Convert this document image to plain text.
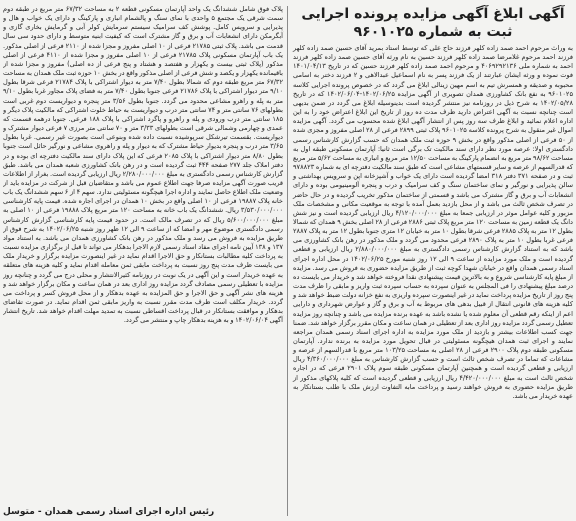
آگهی ابلاغ آگهی مزایده پرونده اجرایی
ثبت به شماره ۹۶۰۱۰۲۵

به وراث مرحوم احمد صمد زاده کلهر فرزند حاج علی که توسط استاد بمرید آقای حسین صمد زاده کلهر فرزند احمد مرحوم غلامرضا صمد زاده کلهر فرزند حسین به نام ورثه آقای حسین صمد زاده کلهر فرزند احمد به شماره ملی ۴۰۶۹۲۹۲۱۳۶ و مرحوم احمد صمد زاده کلهر فرزند حسین که در تاریخ ۱۴۰۱/۰۴/۱۳ فوت نموده و ورثه ایشان عبارتند از یک فرزند پسر به نام اسماعیل عبدالاهی و ۲ فرزند دختر به اسامی محبوبه و صدیقه و همسرش تیم به اسم مهین زینالی ابلاغ می گردد که در خصوص پرونده اجرایی کلاسه ۹۶۰۱۰۲۵ به نفع بانک کشاورزی همدان تصویری از آگهی مزایده ۱۴۰۲/۰۶/۲۵-۱۴۰۲/۰۶/۰۴ که در تاریخ ۱۴۰۲/۰۵/۲۸ به شرح ذیل در روزنامه نیز منتشر گردیده است بدینوسیله ابلاغ می گردد در ضمن بدیهی است چنانچه نسبت به آگهی اعتراض دارید ظرف مدت ده روز از تاریخ این ابلاغ اعتراض خود را به این اداره اعلام نمائید و ابلاغ ظرف سه روز پس از انتشار آگهی ابلاغ شده محسوب می گردد. آگهی مزایده اموال غیر منقول به شرح پرونده کلاسه ۹۶۰۱۰۲۵ پلاک ثبتی ۲۸۹۹ فرعی از ۲۸ اصلی مفروز و مجزی شده از ۵۰ فرعی از اصلی مذکور واقع در بخش ۹ حوزه ثبت ملک همدان که حسب گزارش کارشناس رسمی دادگستری اولا: عرصه مورد نظر دارای سند مالکیت تک برگی است ثانیا: آپارتمان مسکونی طبقه اول به مساحت ۹۸/۶۲ متر مربع به انضمام پارکینگ به مساحت ۱۲/۵۰ متر مربع و انباری به مساحت ۵/۶۲ متر مربع که قدرالسهم از عرصه و سایر قسمتهای مشاعی است که طبق سند مالکیت دفترچه ای به شماره ۹۷۸۸۲۳ ثبت و در صفحه ۳۷۱ دفتر ۳۱۸ امضا گردیده است دارای یک خواب و آشپزخانه اپن و سرویس بهداشتی و سالن پذیرایی و نورگیر و نمای ساختمان سنگ و کف سرامیک و درب و پنجره آلومینیومی بوده و دارای انشعابات آب و برق و گاز مشترک می باشد و قسمتی از ساختمان مذکور تخریب گردیده و در حال حاضر در تصرف شخص ثالث می باشد و از محل بازدید بعمل آمده با توجه به موقعیت مکانی و مشخصات ملک مزبور و کلیه عوامل موثر در ارزیابی جمعا به مبلغ ۴/۱۲۰/۰۰۰/۰۰۰ ریال ارزیابی گردیده است و نیز شش دانگ یک قطعه زمین به مساحت ۱۲۰ متر مربع پلاک ثبتی ۲۸۸۶ فرعی از ۲۸ اصلی بخش ۹ همدان که شمالا بطول ۱۲ متر به پلاک ۲۸۸۵ فرعی شرقا بطول ۱۰ متر به خیابان ۱۲ متری جنوبا بطول ۱۲ متر به پلاک ۲۸۸۷ فرعی غربا بطول ۱۰ متر به پلاک ۲۸۹۰ فرعی محدود می گردد و ملک مذکور در رهن بانک کشاورزی می باشد که به استناد گزارش کارشناس رسمی دادگستری به مبلغ ۲/۸۸۰/۰۰۰/۰۰۰ ریال ارزیابی و قطعی گردیده است و ملک مورد مزایده از ساعت ۹ الی ۱۲ روز شنبه مورخ ۱۴۰۲/۰۶/۲۵ در محل اداره اجرای اسناد رسمی همدان واقع در خیابان شهدا کوچه ثبت از طریق مزایده حضوری به فروش می رسد. مزایده از مبلغ پایه کارشناسی شروع و به بالاترین قیمت پیشنهادی نقدا فروخته خواهد شد و خریدار می بایست ده درصد مبلغ پیشنهادی را فی المجلس به عنوان سپرده به حساب سپرده ثبت واریز و مابقی را ظرف مدت پنج روز از تاریخ مزایده پرداخت نماید در غیر اینصورت سپرده واریزی به نفع خزانه دولت ضبط خواهد شد و کلیه هزینه های قانونی انتقال از قبیل بدهی های مربوط به آب و برق و گاز و عوارض شهرداری و دارایی اعم از اینکه رقم قطعی آن معلوم شده یا نشده باشد به عهده برنده مزایده می باشد و چنانچه روز مزایده تعطیل رسمی گردد مزایده روز اداری بعد از تعطیلی در همان ساعت و مکان مقرر برگزار خواهد شد. ضمنا جهت کسب اطلاعات بیشتر و بازدید از ملک مورد مزایده به اداره اجرای اسناد رسمی همدان مراجعه نمایند و اجرای ثبت همدان هیچگونه مسئولیتی در قبال تحویل مورد مزایده به برنده ندارد. آپارتمان مسکونی طبقه دوم پلاک ۲۹۰۰ فرعی از ۲۸ اصلی به مساحت ۱۰۳/۲۵ متر مربع با قدرالسهم از عرصه و مشاعات که تماما در تصرف شخص ثالث است و حسب گزارش کارشناس به مبلغ ۴/۳۶۰/۰۰۰/۰۰۰ ریال ارزیابی و قطعی گردیده است و همچنین آپارتمان مسکونی طبقه سوم پلاک ۲۹۰۱ فرعی که در اجاره شخص ثالث است به مبلغ ۴/۴۲۰/۰۰۰/۰۰۰ ریال ارزیابی و قطعی گردیده است که کلیه پلاکهای مذکور از طریق مزایده حضوری به فروش خواهند رسید و پرداخت مابه التفاوت ارزش ملک با طلب بستانکار به عهده خریدار می باشد.

پلاک فوق شامل ششدانگ یک واحد آپارتمان مسکونی قطعه ۲ به مساحت ۶۷/۳۲ متر مربع در طبقه دوم سمت شرقی یک مجتمع ۵ واحدی با نمای سنگ و پالشمام انباری و پارکینگ و دارای یک خواب و هال و پذیرایی و سرویس کامل. پوشش کف سرامیک سیستم سرمایش کولر آبی و گرمایش بخاری گازی و آبگرمکن دارای انشعابات آب و برق و گاز مشترک است که کیفیت ابنیه متوسط و دارای حدود سی سال قدمت می باشد. پلاک ثبتی ۲۱۷۸۵ فرعی از ۱۰ اصلی مفروز و مجزا شده از ۲۱۱۰ فرعی از اصلی مذکور. یک باب آپارتمان مسکونی پلاک ۲۱۷۸۵ فرعی از ۱۰ اصلی مفروز و مجزا شده از ۴۱۱۰ فرعی از اصلی مذکور (پلاک ثبتی بیست و یکهزار و هفتصد و هشتاد و پنج فرعی از ده اصلی) مفروز و مجزا شده از باقیمانده یکهزار و یکصد و شش فرعی از اصلی مذکور واقع در بخش ۱۰ حوزه ثبت ملک همدان به مساحت ۶۷/۳۲ متر مربع طبقه دوم که شمالا بطول ۷/۴۰ متر به دیوار اشتراکی با پلاک ۲۱۷۸۴ فرعی شرقا بطول ۹/۱۰ متر دیوار اشتراکی با پلاک ۲۱۷۸۶ فرعی جنوبا بطول ۷/۴۰ متر به فضای پلاک مجاور غربا بطول ۹/۱۰ متر به پله و راهرو مشاعی محدود می گردد. جنوبا بطول ۳/۵۶ متر پنجره و دیواریست دوم غربی است بطولهای ۷۶ سانتی متر و ۷۴ سانتی متر درب و دیواریست به حیاط خلوت اشتراکی که مالکیت پلاک دیگر و ۱۸۵ سانتی متر درب ورودی و پله و راهرو و پاگرد اشتراکی با پلاک ۱۸۸ فرعی. جنوبا درهمه قسمت که عمدی و چهارمی وشمالی شرقی است بطولهای ۳/۳۳ متر و ۷۰ سانتی متر مرزی ۷ فرعی دیوار مشترک و دیواریست. بقسمت تیرشکل سرپوشیده نسبت داده شده وبنوعی است بصورت غیر رسمی. غربا بطول ۳/۶۵ متر درب و پنجره بدیوار حیاط مشترک که به دیوار و پله و راهروی مشاعی و نورگیر حائل است جنوبا بطول ۸/۸۰ متر دیوار اشتراکی با پلاک ۲۰۸۵ فرعی که این پلاک دارای سند مالکیت دفترچه ای بوده و در دفتر املاک جلد ۲۷۷ صفحه ۴۴۴ ثبت گردیده است و در رهن بانک کشاورزی شعبه همدان می باشد. طبق گزارش کارشناس رسمی دادگستری به مبلغ ۲/۲۸۰/۰۰۰/۰۰۰ ریال ارزیابی گردیده است. بغرار از اطلاعات قریب صورت آگهی مزایده صرفا جهت اطلاع عموم می باشد و متقاضیان قبل از شرکت در مزایده باید از وضعیت ملک اطلاع حاصل نمایند و اداره اجرا هیچگونه مسئولیتی ندارد. سهم ۴ از ۶ سهم ششدانگ یک باب خانه پلاک ۱۹۸۸۷ فرعی از ۱۰ اصلی واقع در بخش ۱۰ همدان در اجرای اجاره شده. قیمت پایه کارشناسی ۳/۵۳۰/۰۰۰/۰۰۰ ریال. ششدانگ یک باب خانه به مساحت ۱۲۰ متر مربع پلاک ۱۹۸۸۸ فرعی از ۱۰ اصلی به مبلغ ۵/۶۰۰/۰۰۰/۰۰۰ ریال که در تصرف مالک است. در حدود قیمت پایه کارشناسی گزارش کارشناس رسمی دادگستری موضوع مهر و امضا که از ساعت ۹ الی ۱۲ ظهر روز شنبه ۱۴۰۲/۰۶/۲۵ به شرح فوق از طریق مزایده به فروش می رسد و ملک مذکور در رهن بانک کشاورزی همدان می باشد. به استناد مواد ۱۳۷ و ۱۳۸ آیین نامه اجرای مفاد اسناد رسمی لازم الاجرا بدهکار می تواند تا قبل از برگزاری مزایده نسبت به پرداخت کلیه مطالبات بستانکار و حق الاجرا اقدام نماید در غیر اینصورت مزایده برگزار و خریدار ملک می بایست ظرف مدت پنج روز نسبت به پرداخت مابقی ثمن معامله اقدام نماید و کلیه هزینه های متعلقه به عهده خریدار است و این آگهی در یک نوبت در روزنامه کثیرالانتشار و محلی درج می گردد و چنانچه روز مزایده با تعطیلی رسمی مصادف گردد مزایده روز اداری بعد در همان ساعت و مکان برگزار خواهد شد و هزینه های نشر آگهی و حق الاجرا و حق المزایده به عهده بدهکار و از محل فروش کسر و پرداخت می گردد. خریدار مکلف است ظرف مدت مقرر نسبت به واریز مابقی ثمن اقدام نماید. در صورت تقاضای بدهکار و موافقت بستانکار در قبال پرداخت اقساطی نسبت به تمدید مهلت اقدام خواهد شد. تاریخ انتشار آگهی ۱۴۰۲/۰۶/۰۴ و به هزینه بدهکار چاپ و منتشر می گردد.

رئیس اداره اجرای اسناد رسمی همدان - متوسل
